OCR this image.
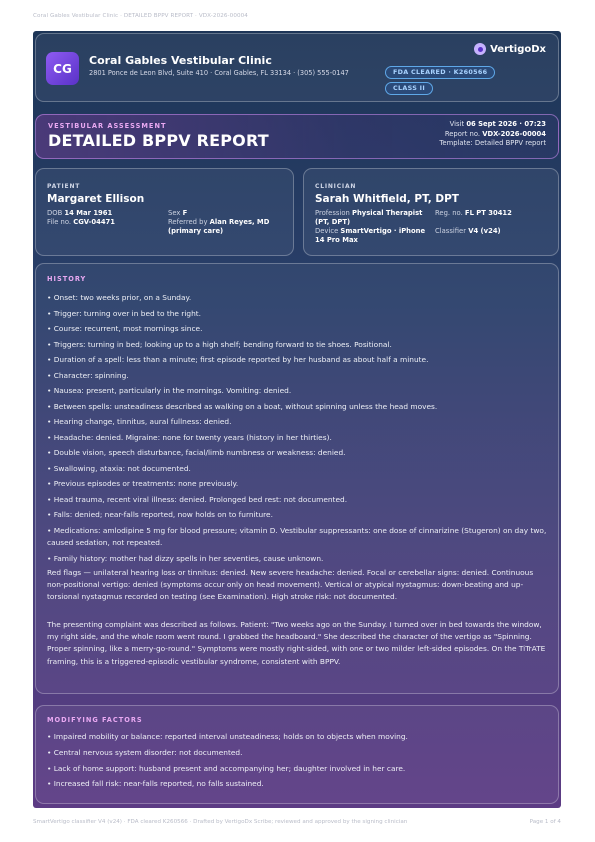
Coral Gables Vestibular Clinic · DETAILED BPPV REPORT · VDX-2026-00004
CG
Coral Gables Vestibular Clinic
2801 Ponce de Leon Blvd, Suite 410 · Coral Gables, FL 33134 · (305) 555-0147
VertigoDx
FDA CLEARED · K260566
CLASS II
VESTIBULAR ASSESSMENT
DETAILED BPPV REPORT
Visit 06 Sept 2026 · 07:23
Report no. VDX-2026-00004
Template: Detailed BPPV report
PATIENT
Margaret Ellison
DOB 14 Mar 1961
File no. CGV-04471
Sex F
Referred by Alan Reyes, MD (primary care)
CLINICIAN
Sarah Whitfield, PT, DPT
Profession Physical Therapist (PT, DPT)
Device SmartVertigo · iPhone 14 Pro Max
Reg. no. FL PT 30412
Classifier V4 (v24)
HISTORY
• Onset: two weeks prior, on a Sunday.
• Trigger: turning over in bed to the right.
• Course: recurrent, most mornings since.
• Triggers: turning in bed; looking up to a high shelf; bending forward to tie shoes. Positional.
• Duration of a spell: less than a minute; first episode reported by her husband as about half a minute.
• Character: spinning.
• Nausea: present, particularly in the mornings. Vomiting: denied.
• Between spells: unsteadiness described as walking on a boat, without spinning unless the head moves.
• Hearing change, tinnitus, aural fullness: denied.
• Headache: denied. Migraine: none for twenty years (history in her thirties).
• Double vision, speech disturbance, facial/limb numbness or weakness: denied.
• Swallowing, ataxia: not documented.
• Previous episodes or treatments: none previously.
• Head trauma, recent viral illness: denied. Prolonged bed rest: not documented.
• Falls: denied; near-falls reported, now holds on to furniture.
• Medications: amlodipine 5 mg for blood pressure; vitamin D. Vestibular suppressants: one dose of cinnarizine (Stugeron) on day two, caused sedation, not repeated.
• Family history: mother had dizzy spells in her seventies, cause unknown.
Red flags — unilateral hearing loss or tinnitus: denied. New severe headache: denied. Focal or cerebellar signs: denied. Continuous non-positional vertigo: denied (symptoms occur only on head movement). Vertical or atypical nystagmus: down-beating and up-torsional nystagmus recorded on testing (see Examination). High stroke risk: not documented.
The presenting complaint was described as follows. Patient: "Two weeks ago on the Sunday. I turned over in bed towards the window, my right side, and the whole room went round. I grabbed the headboard." She described the character of the vertigo as "Spinning. Proper spinning, like a merry-go-round." Symptoms were mostly right-sided, with one or two milder left-sided episodes. On the TiTrATE framing, this is a triggered-episodic vestibular syndrome, consistent with BPPV.
MODIFYING FACTORS
• Impaired mobility or balance: reported interval unsteadiness; holds on to objects when moving.
• Central nervous system disorder: not documented.
• Lack of home support: husband present and accompanying her; daughter involved in her care.
• Increased fall risk: near-falls reported, no falls sustained.
SmartVertigo classifier V4 (v24) · FDA cleared K260566 · Drafted by VertigoDx Scribe; reviewed and approved by the signing clinician	Page 1 of 4
